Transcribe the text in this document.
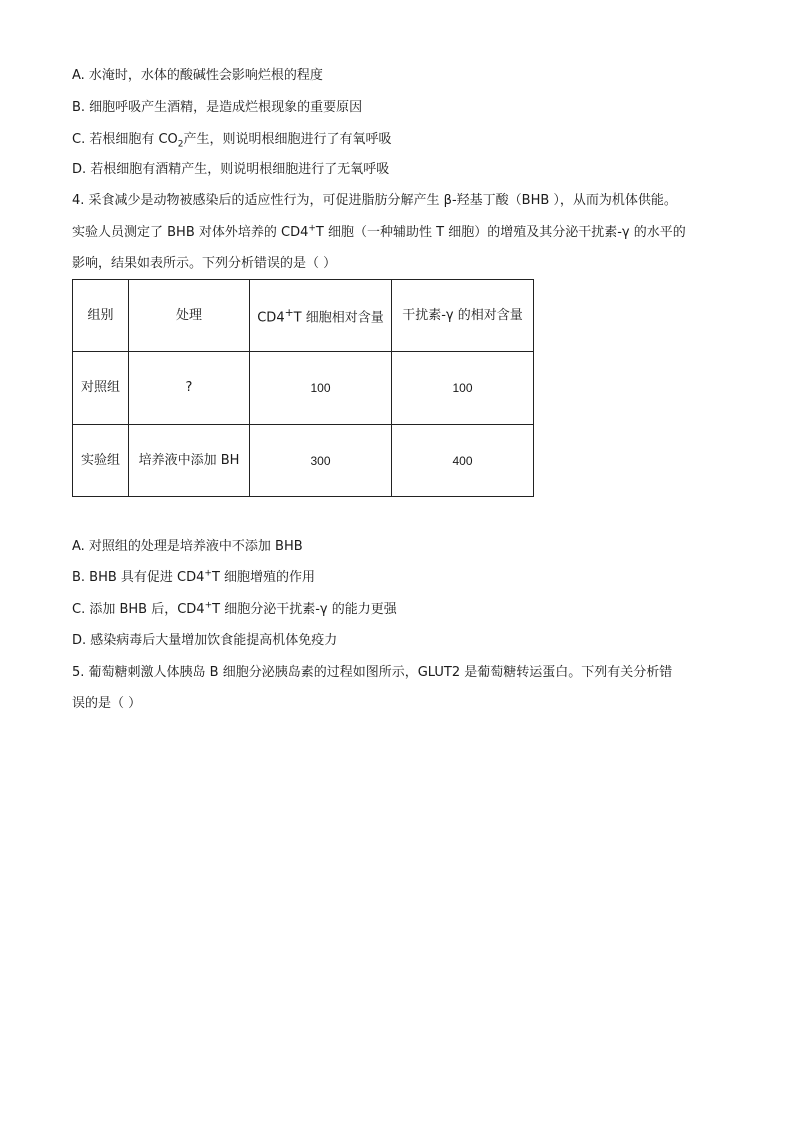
A. 水淹时，水体的酸碱性会影响烂根的程度

B. 细胞呼吸产生酒精，是造成烂根现象的重要原因

C. 若根细胞有 $CO_2$产生，则说明根细胞进行了有氧呼吸

D. 若根细胞有酒精产生，则说明根细胞进行了无氧呼吸

4. 采食减少是动物被感染后的适应性行为，可促进脂肪分解产生 β-羟基丁酸（BHB ），从而为机体供能。

实验人员测定了 BHB 对体外培养的 CD4+T 细胞（一种辅助性 T 细胞）的增殖及其分泌干扰素-γ 的水平的

影响，结果如表所示。下列分析错误的是（ ）

组别	处理	CD4+T 细胞相对含量	干扰素-γ 的相对含量
对照组	?	100	100
实验组	培养液中添加 BH	300	400

A. 对照组的处理是培养液中不添加 BHB

B. BHB 具有促进 CD4+T 细胞增殖的作用

C. 添加 BHB 后，CD4+T 细胞分泌干扰素-γ 的能力更强

D. 感染病毒后大量增加饮食能提高机体免疫力

5. 葡萄糖刺激人体胰岛 B 细胞分泌胰岛素的过程如图所示，GLUT2 是葡萄糖转运蛋白。下列有关分析错

误的是（ ）
